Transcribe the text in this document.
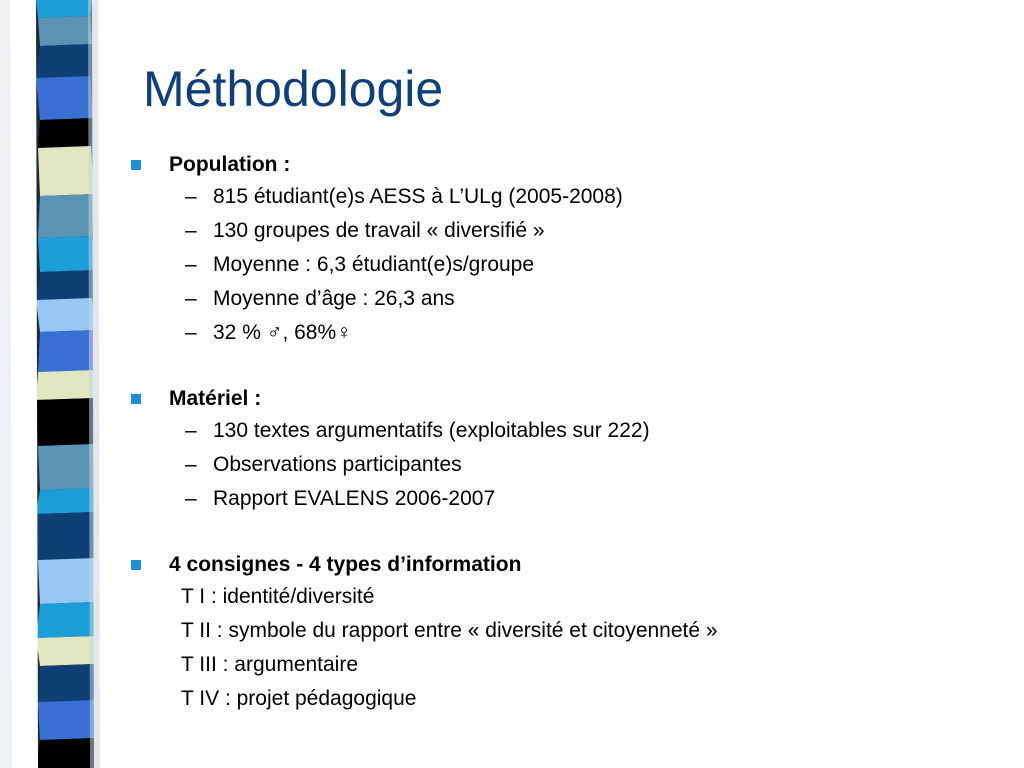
Méthodologie
Population :
– 815 étudiant(e)s AESS à L’ULg (2005-2008)
– 130 groupes de travail « diversifié »
– Moyenne : 6,3 étudiant(e)s/groupe
– Moyenne d’âge : 26,3 ans
– 32 % ♂, 68%♀
Matériel :
– 130 textes argumentatifs (exploitables sur 222)
– Observations participantes
– Rapport EVALENS 2006-2007
4 consignes - 4 types d’information
T I : identité/diversité
T II : symbole du rapport entre « diversité et citoyenneté »
T III : argumentaire
T IV : projet pédagogique
